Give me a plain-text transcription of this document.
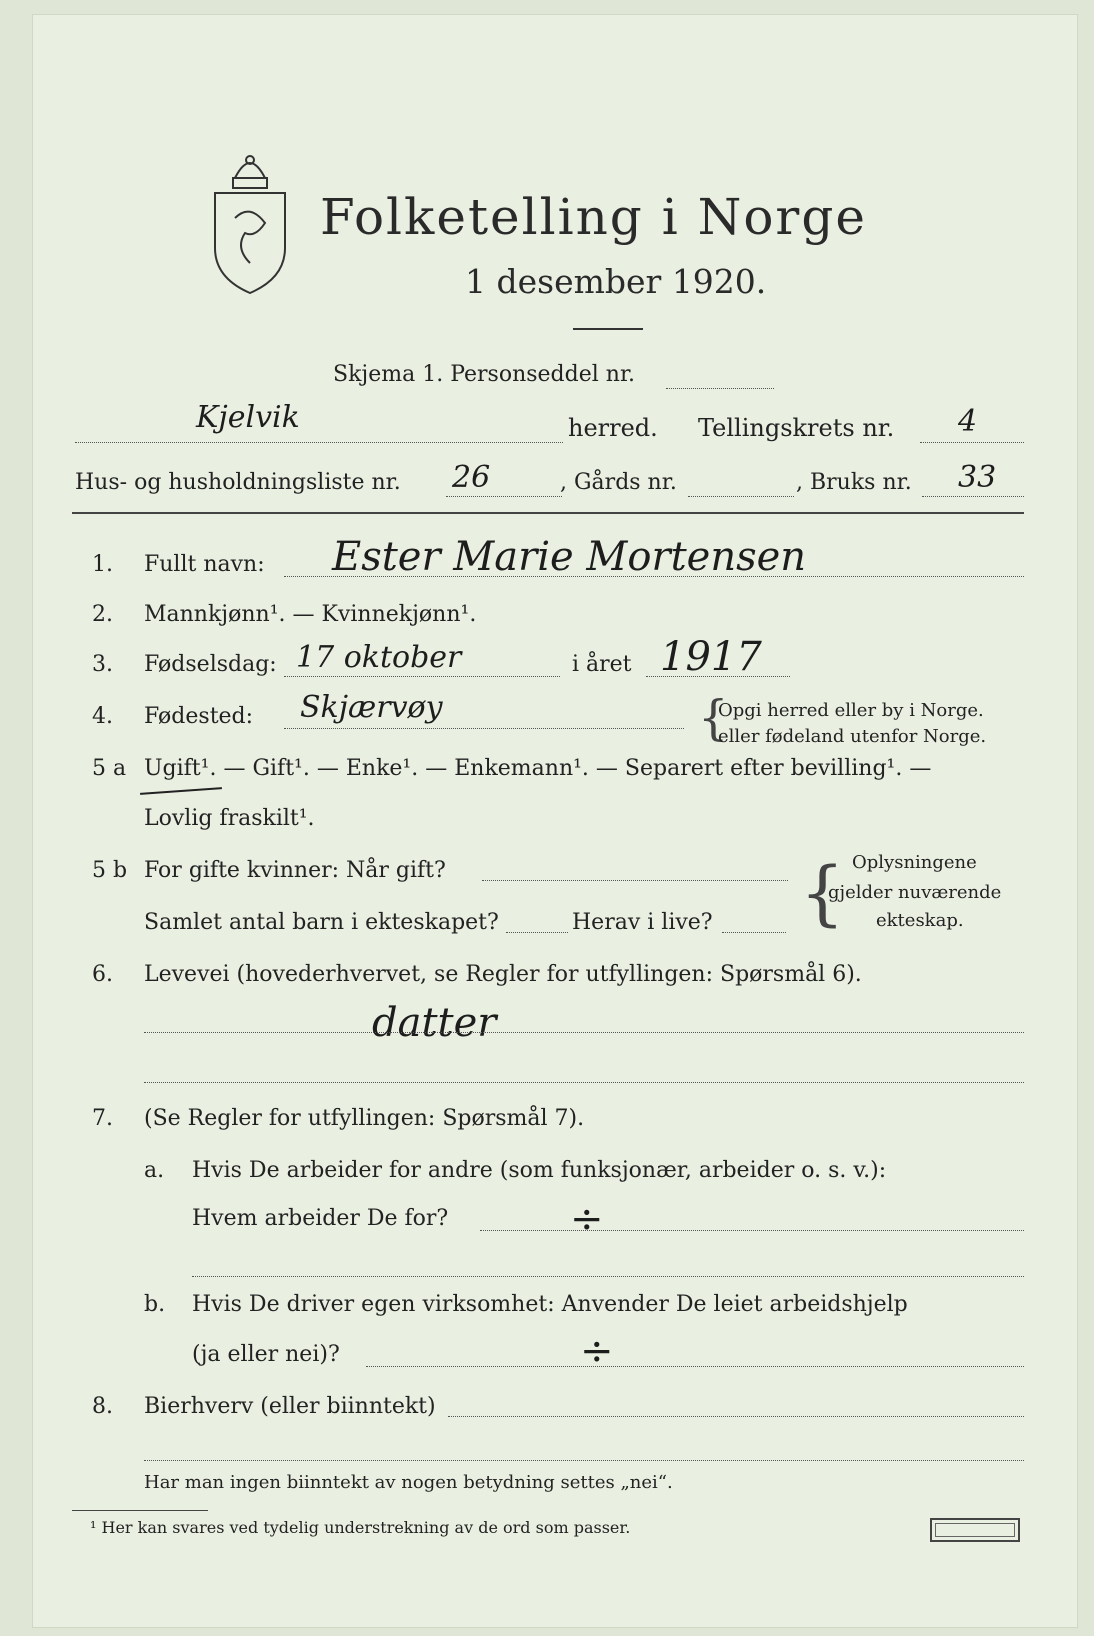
Folketelling i Norge
1 desember 1920.
Skjema 1. Personseddel nr.
Kjelvik	herred. Tellingskrets nr. 4
Hus- og husholdningsliste nr. 26	, Gårds nr.	, Bruks nr. 33
1. Fullt navn: Ester Marie Mortensen
2. Mannkjønn¹. — Kvinnekjønn¹.
3. Fødselsdag: 17 oktober	i året 1917
4. Fødested: Skjærvøy	{
Opgi herred eller by i Norge.
eller fødeland utenfor Norge.
5 a Ugift¹. — Gift¹. — Enke¹. — Enkemann¹. — Separert efter bevilling¹. —
Lovlig fraskilt¹.
5 b For gifte kvinner: Når gift?
Samlet antal barn i ekteskapet?	Herav i live? { Oplysningene
gjelder nuværende
ekteskap.
6. Levevei (hovederhvervet, se Regler for utfyllingen: Spørsmål 6).
datter
7. (Se Regler for utfyllingen: Spørsmål 7).
a. Hvis De arbeider for andre (som funksjonær, arbeider o. s. v.):
Hvem arbeider De for?	÷
b. Hvis De driver egen virksomhet: Anvender De leiet arbeidshjelp
(ja eller nei)?	÷
8. Bierhverv (eller biinntekt)
Har man ingen biinntekt av nogen betydning settes „nei“.
¹ Her kan svares ved tydelig understrekning av de ord som passer.
